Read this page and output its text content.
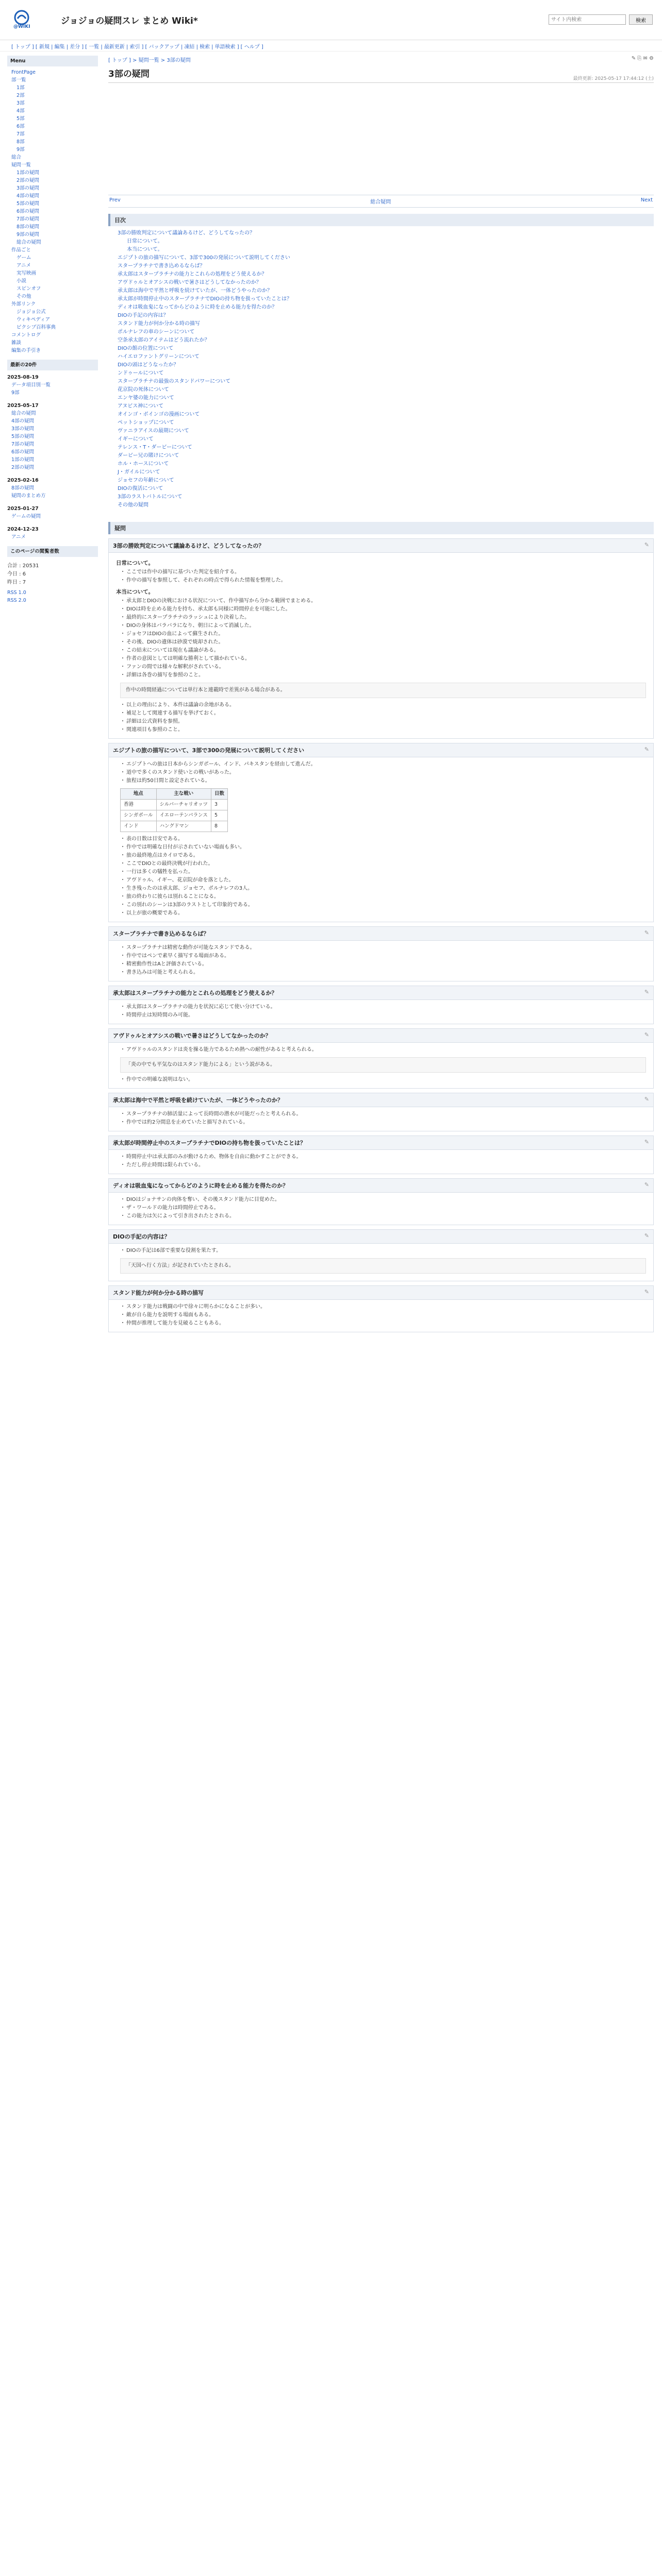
@WIKI
ジョジョの疑問スレ まとめ Wiki*
サイト内検索	検索
[ トップ ] [ 新規 | 編集 | 差分 ] [ 一覧 | 最新更新 | 索引 ] [ バックアップ | 凍結 | 検索 | 単語検索 ] [ ヘルプ ]
Menu
FrontPage
部一覧
1部
2部
3部
4部
5部
6部
7部
8部
9部
総合
疑問一覧
1部の疑問
2部の疑問
3部の疑問
4部の疑問
5部の疑問
6部の疑問
7部の疑問
8部の疑問
9部の疑問
総合の疑問
作品ごと
ゲーム
アニメ
実写映画
小説
スピンオフ
その他
外部リンク
ジョジョ公式
ウィキペディア
ピクシブ百科事典
コメントログ
雑談
編集の手引き
最新の20件
2025-08-19
データ項目別一覧
9部
2025-05-17
総合の疑問
4部の疑問
3部の疑問
5部の疑問
7部の疑問
6部の疑問
1部の疑問
2部の疑問
2025-02-16
8部の疑問
疑問のまとめ方
2025-01-27
ゲームの疑問
2024-12-23
アニメ
このページの閲覧者数
合計 : 20531
今日 : 6
昨日 : 7
RSS 1.0
RSS 2.0
[ トップ ] > 疑問一覧 > 3部の疑問	✎ ⎘ ✉ ⚙
3部の疑問	最終更新: 2025-05-17 17:44:12 (土)
Prev	総合疑問	Next
目次
3部の勝敗判定について議論あるけど、どうしてなったの？
日常について。
本当について。
エジプトの旅の描写について、3部で300の発展について説明してください
スタープラチナで書き込めるならば？
承太郎はスタープラチナの能力とこれらの処理をどう使えるか？
アヴドゥルとオアシスの戦いで暑さはどうしてなかったのか？
承太郎は海中で平然と呼吸を続けていたが、一体どうやったのか？
承太郎が時間停止中のスタープラチナでDIOの持ち物を扱っていたことは？
ディオは吸血鬼になってからどのように時を止める能力を得たのか？
DIOの手記の内容は？
スタンド能力が何か分かる時の描写
ポルナレフの車のシーンについて
空条承太郎のアイテムはどう流れたか？
DIOの館の位置について
ハイエロファントグリーンについて
DIOの頭はどうなったか？
ンドゥールについて
スタープラチナの最強のスタンドパワーについて
花京院の死体について
エンヤ婆の能力について
アヌビス神について
オインゴ・ボインゴの漫画について
ペットショップについて
ヴァニラアイスの最期について
イギーについて
テレンス・T・ダービーについて
ダービー兄の賭けについて
ホル・ホースについて
J・ガイルについて
ジョセフの年齢について
DIOの復活について
3部のラストバトルについて
その他の疑問
疑問
3部の勝敗判定について議論あるけど、どうしてなったの？	✎
日常について。
・ ここでは作中の描写に基づいた判定を紹介する。
・ 作中の描写を参照して、それぞれの時点で得られた情報を整理した。
本当について。
・ 承太郎とDIOの決戦における状況について、作中描写から分かる範囲でまとめる。
・ DIOは時を止める能力を持ち、承太郎も同様に時間停止を可能にした。
・ 最終的にスタープラチナのラッシュにより決着した。
・ DIOの身体はバラバラになり、朝日によって消滅した。
・ ジョセフはDIOの血によって蘇生された。
・ その後、DIOの遺体は砂漠で焼却された。
・ この結末については現在も議論がある。
・ 作者の意図としては明確な勝利として描かれている。
・ ファンの間では様々な解釈がされている。
・ 詳細は各巻の描写を参照のこと。
作中の時間経過については単行本と連載時で差異がある場合がある。
・ 以上の理由により、本件は議論の余地がある。
・ 補足として関連する描写を挙げておく。
・ 詳細は公式資料を参照。
・ 関連項目も参照のこと。
エジプトの旅の描写について、3部で300の発展について説明してください	✎
・ エジプトへの旅は日本からシンガポール、インド、パキスタンを経由して進んだ。
・ 道中で多くのスタンド使いとの戦いがあった。
・ 旅程は約50日間と設定されている。
地点	主な戦い	日数
香港	シルバーチャリオッツ	3
シンガポール	イエローテンパランス	5
インド	ハングドマン	8
・ 表の日数は目安である。
・ 作中では明確な日付が示されていない場面も多い。
・ 旅の最終地点はカイロである。
・ ここでDIOとの最終決戦が行われた。
・ 一行は多くの犠牲を払った。
・ アヴドゥル、イギー、花京院が命を落とした。
・ 生き残ったのは承太郎、ジョセフ、ポルナレフの3人。
・ 旅の終わりに彼らは別れることになる。
・ この別れのシーンは3部のラストとして印象的である。
・ 以上が旅の概要である。
スタープラチナで書き込めるならば？	✎
・ スタープラチナは精密な動作が可能なスタンドである。
・ 作中ではペンで素早く描写する場面がある。
・ 精密動作性はAと評価されている。
・ 書き込みは可能と考えられる。
承太郎はスタープラチナの能力とこれらの処理をどう使えるか？	✎
・ 承太郎はスタープラチナの能力を状況に応じて使い分けている。
・ 時間停止は短時間のみ可能。
アヴドゥルとオアシスの戦いで暑さはどうしてなかったのか？	✎
・ アヴドゥルのスタンドは炎を操る能力であるため熱への耐性があると考えられる。
「炎の中でも平気なのはスタンド能力による」という説がある。
・ 作中での明確な説明はない。
承太郎は海中で平然と呼吸を続けていたが、一体どうやったのか？	✎
・ スタープラチナの肺活量によって長時間の潜水が可能だったと考えられる。
・ 作中では約2分間息を止めていたと描写されている。
承太郎が時間停止中のスタープラチナでDIOの持ち物を扱っていたことは？	✎
・ 時間停止中は承太郎のみが動けるため、物体を自由に動かすことができる。
・ ただし停止時間は限られている。
ディオは吸血鬼になってからどのように時を止める能力を得たのか？	✎
・ DIOはジョナサンの肉体を奪い、その後スタンド能力に目覚めた。
・ ザ・ワールドの能力は時間停止である。
・ この能力は矢によって引き出されたとされる。
DIOの手記の内容は？	✎
・ DIOの手記は6部で重要な役割を果たす。
「天国へ行く方法」が記されていたとされる。
スタンド能力が何か分かる時の描写	✎
・ スタンド能力は戦闘の中で徐々に明らかになることが多い。
・ 敵が自ら能力を説明する場面もある。
・ 仲間が推理して能力を見破ることもある。
